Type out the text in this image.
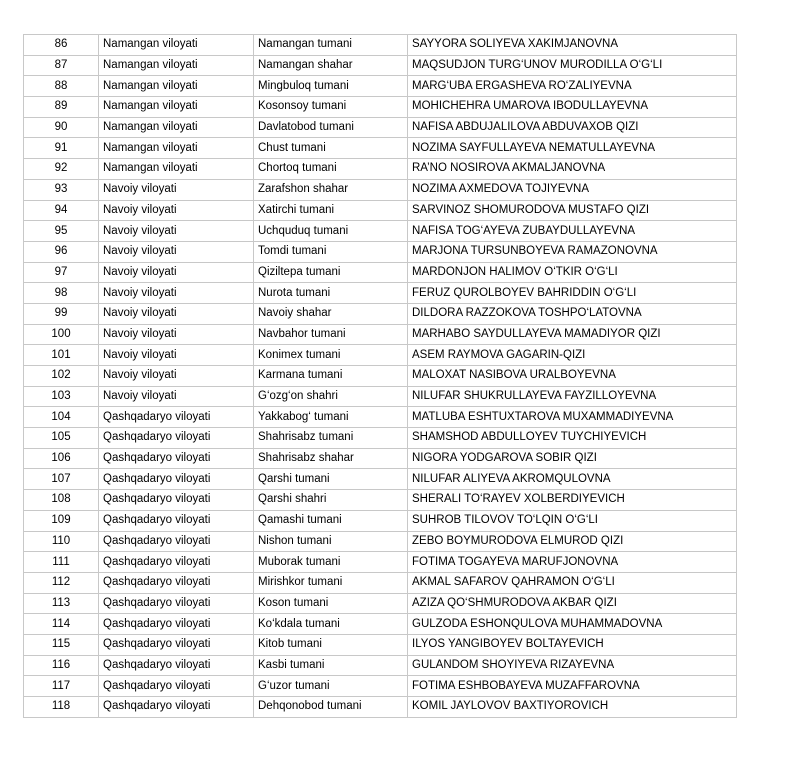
86	Namangan viloyati	Namangan tumani	SAYYORA SOLIYEVA XAKIMJANOVNA
87	Namangan viloyati	Namangan shahar	MAQSUDJON TURG‘UNOV MURODILLA O‘G‘LI
88	Namangan viloyati	Mingbuloq tumani	MARG‘UBA ERGASHEVA RO‘ZALIYEVNA
89	Namangan viloyati	Kosonsoy tumani	MOHICHEHRA UMAROVA IBODULLAYEVNA
90	Namangan viloyati	Davlatobod tumani	NAFISA ABDUJALILOVA ABDUVAXOB QIZI
91	Namangan viloyati	Chust tumani	NOZIMA SAYFULLAYEVA NEMATULLAYEVNA
92	Namangan viloyati	Chortoq tumani	RA’NO NOSIROVA AKMALJANOVNA
93	Navoiy viloyati	Zarafshon shahar	NOZIMA AXMEDOVA TOJIYEVNA
94	Navoiy viloyati	Xatirchi tumani	SARVINOZ SHOMURODOVA MUSTAFO QIZI
95	Navoiy viloyati	Uchquduq tumani	NAFISA TOG‘AYEVA ZUBAYDULLAYEVNA
96	Navoiy viloyati	Tomdi tumani	MARJONA TURSUNBOYEVA RAMAZONOVNA
97	Navoiy viloyati	Qiziltepa tumani	MARDONJON HALIMOV O‘TKIR O‘G‘LI
98	Navoiy viloyati	Nurota tumani	FERUZ QUROLBOYEV BAHRIDDIN O‘G‘LI
99	Navoiy viloyati	Navoiy shahar	DILDORA RAZZOKOVA TOSHPO‘LATOVNA
100	Navoiy viloyati	Navbahor tumani	MARHABO SAYDULLAYEVA MAMADIYOR QIZI
101	Navoiy viloyati	Konimex tumani	ASEM RAYMOVA GAGARIN-QIZI
102	Navoiy viloyati	Karmana tumani	MALOXAT NASIBOVA URALBOYEVNA
103	Navoiy viloyati	G‘ozg‘on shahri	NILUFAR SHUKRULLAYEVA FAYZILLOYEVNA
104	Qashqadaryo viloyati	Yakkabog‘ tumani	MATLUBA ESHTUXTAROVA MUXAMMADIYEVNA
105	Qashqadaryo viloyati	Shahrisabz tumani	SHAMSHOD ABDULLOYEV TUYCHIYEVICH
106	Qashqadaryo viloyati	Shahrisabz shahar	NIGORA YODGAROVA SOBIR QIZI
107	Qashqadaryo viloyati	Qarshi tumani	NILUFAR ALIYEVA AKROMQULOVNA
108	Qashqadaryo viloyati	Qarshi shahri	SHERALI TO‘RAYEV XOLBERDIYEVICH
109	Qashqadaryo viloyati	Qamashi tumani	SUHROB TILOVOV TO‘LQIN O‘G‘LI
110	Qashqadaryo viloyati	Nishon tumani	ZEBO BOYMURODOVA ELMUROD QIZI
111	Qashqadaryo viloyati	Muborak tumani	FOTIMA TOGAYEVA MARUFJONOVNA
112	Qashqadaryo viloyati	Mirishkor tumani	AKMAL SAFAROV QAHRAMON O‘G‘LI
113	Qashqadaryo viloyati	Koson tumani	AZIZA QO‘SHMURODOVA AKBAR QIZI
114	Qashqadaryo viloyati	Ko‘kdala tumani	GULZODA ESHONQULOVA MUHAMMADOVNA
115	Qashqadaryo viloyati	Kitob tumani	ILYOS YANGIBOYEV BOLTAYEVICH
116	Qashqadaryo viloyati	Kasbi tumani	GULANDOM SHOYIYEVA RIZAYEVNA
117	Qashqadaryo viloyati	G‘uzor tumani	FOTIMA ESHBOBAYEVA MUZAFFAROVNA
118	Qashqadaryo viloyati	Dehqonobod tumani	KOMIL JAYLOVOV BAXTIYOROVICH
